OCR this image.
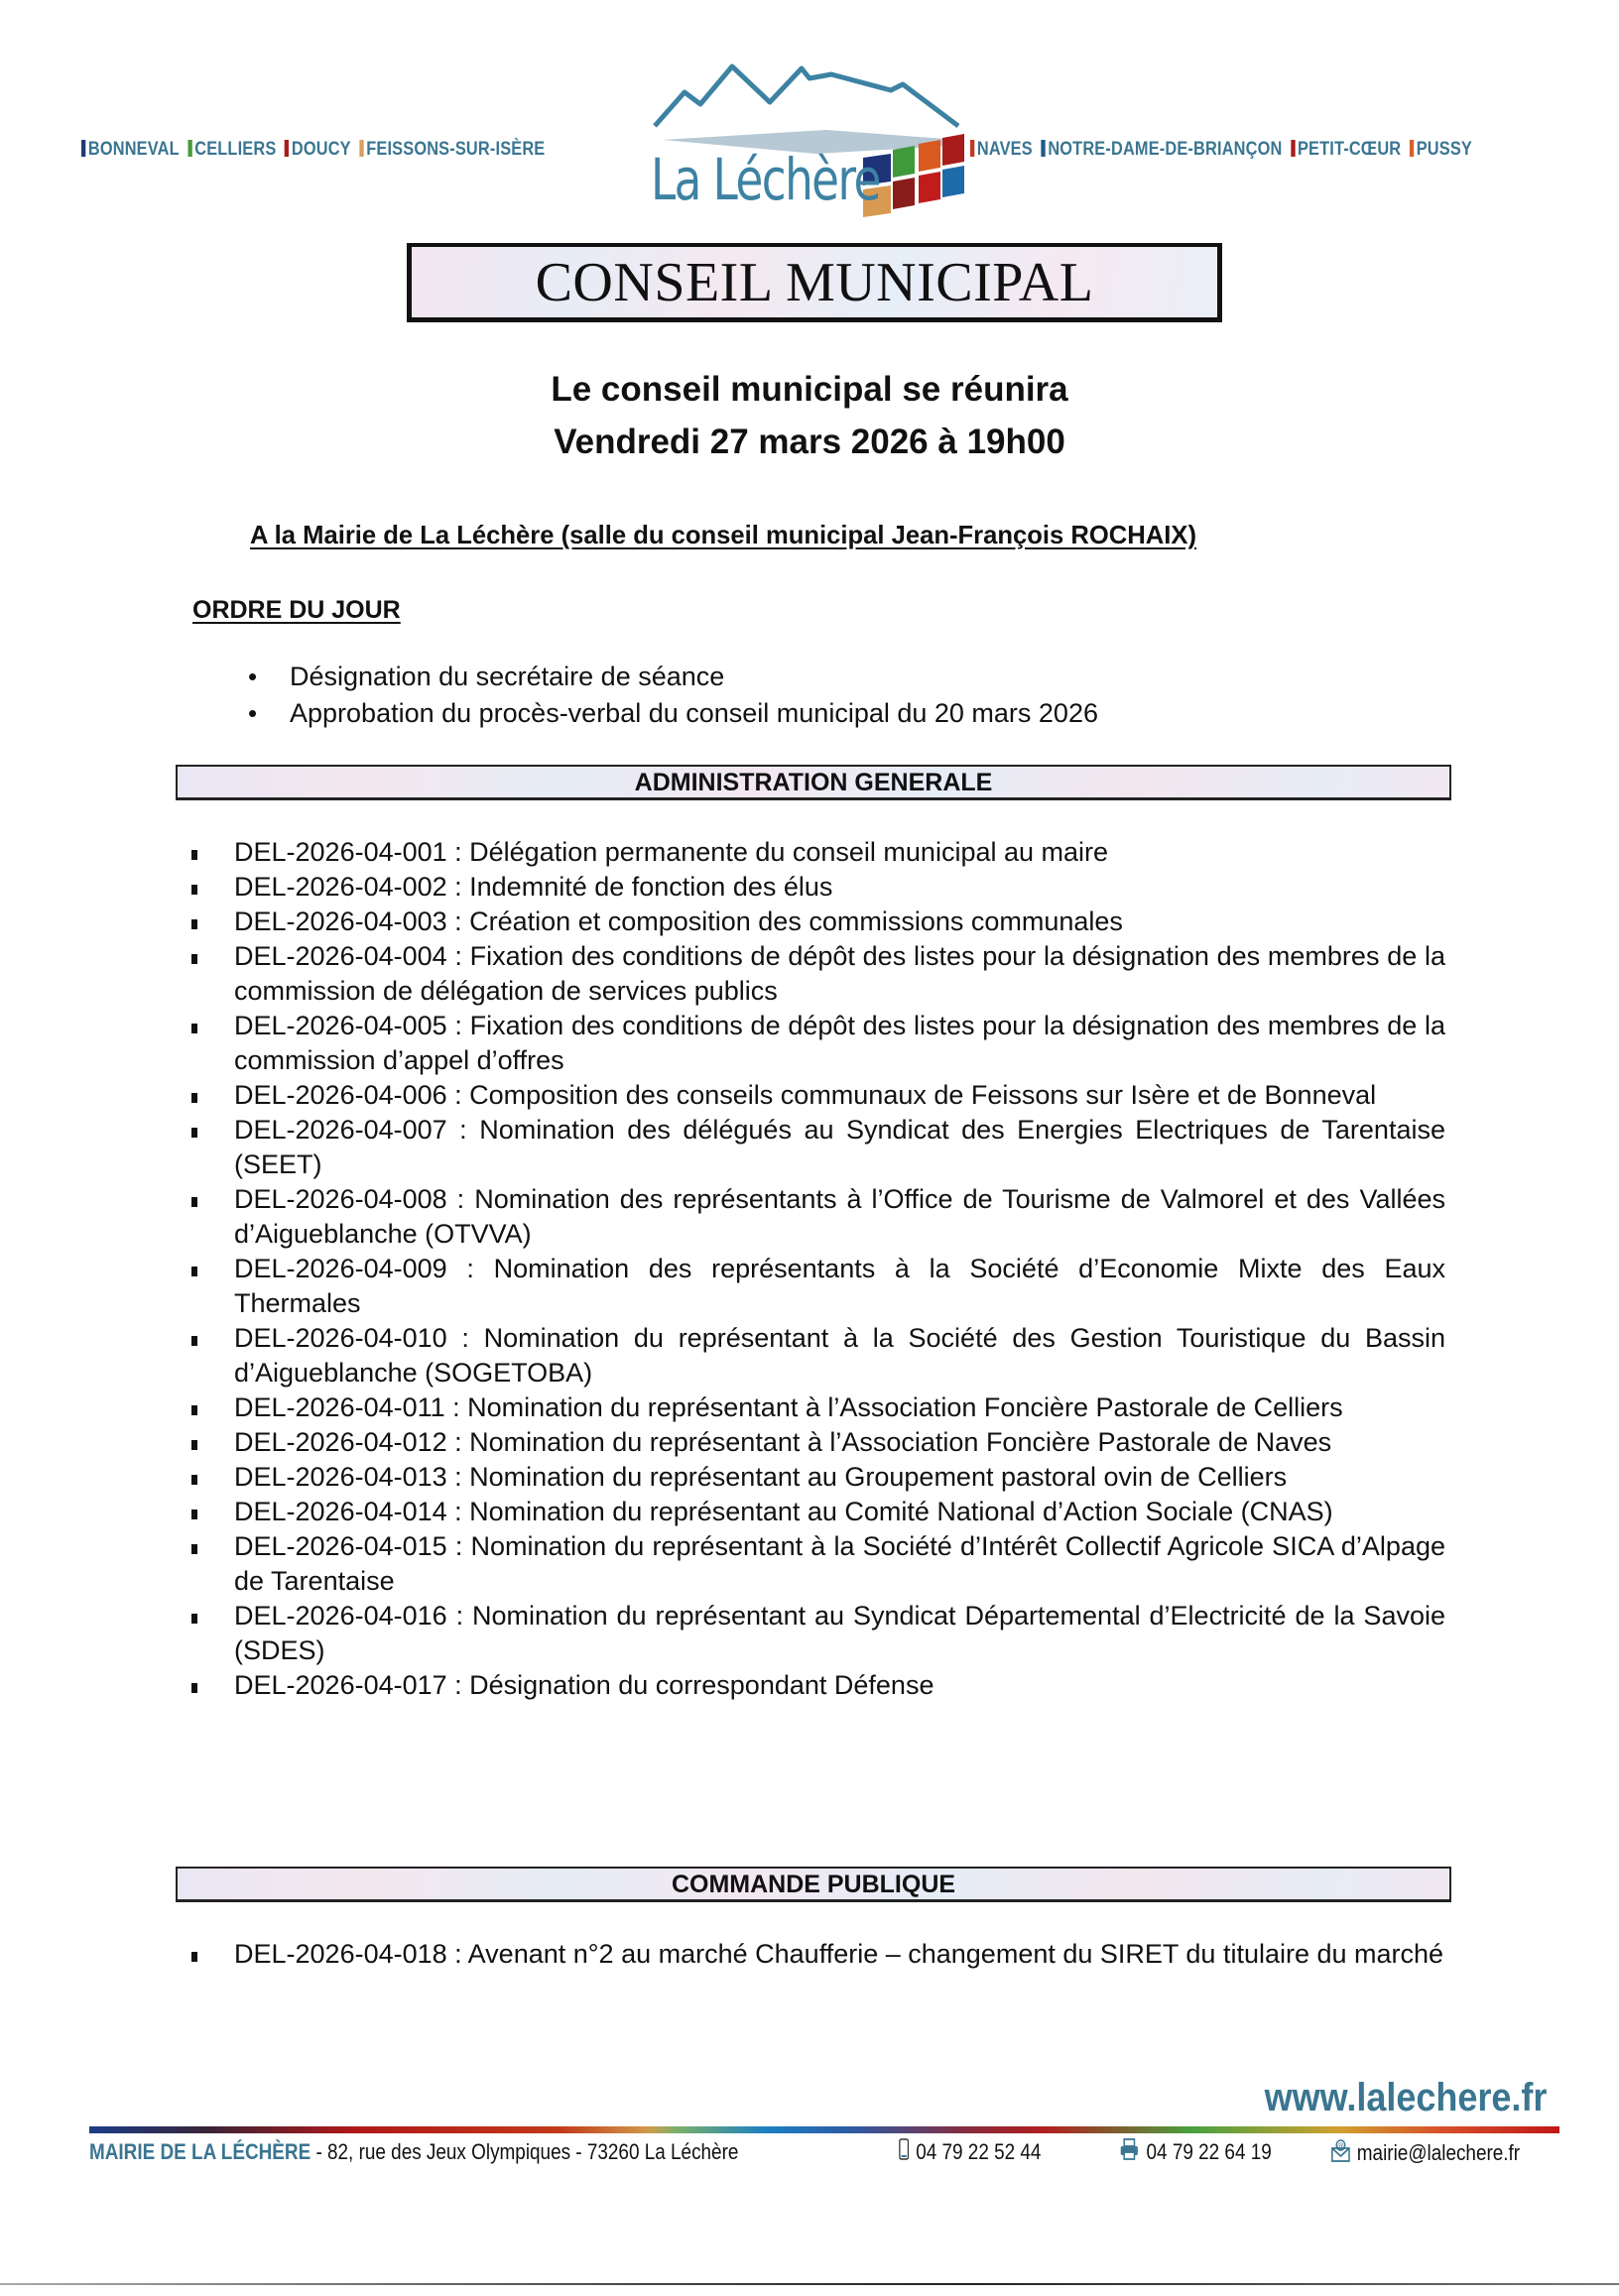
BONNEVAL CELLIERS DOUCY FEISSONS-SUR-ISÈRE	NAVES NOTRE-DAME-DE-BRIANÇON PETIT-CŒUR PUSSY
La Léchère
CONSEIL MUNICIPAL
Le conseil municipal se réunira
Vendredi 27 mars 2026 à 19h00
A la Mairie de La Léchère (salle du conseil municipal Jean-François ROCHAIX)
ORDRE DU JOUR
• Désignation du secrétaire de séance
• Approbation du procès-verbal du conseil municipal du 20 mars 2026
ADMINISTRATION GENERALE
DEL-2026-04-001 : Délégation permanente du conseil municipal au maire
DEL-2026-04-002 : Indemnité de fonction des élus
DEL-2026-04-003 : Création et composition des commissions communales
DEL-2026-04-004 : Fixation des conditions de dépôt des listes pour la désignation des membres de la commission de délégation de services publics
DEL-2026-04-005 : Fixation des conditions de dépôt des listes pour la désignation des membres de la commission d’appel d’offres
DEL-2026-04-006 : Composition des conseils communaux de Feissons sur Isère et de Bonneval
DEL-2026-04-007 : Nomination des délégués au Syndicat des Energies Electriques de Tarentaise (SEET)
DEL-2026-04-008 : Nomination des représentants à l’Office de Tourisme de Valmorel et des Vallées d’Aigueblanche (OTVVA)
DEL-2026-04-009 : Nomination des représentants à la Société d’Economie Mixte des Eaux Thermales
DEL-2026-04-010 : Nomination du représentant à la Société des Gestion Touristique du Bassin d’Aigueblanche (SOGETOBA)
DEL-2026-04-011 : Nomination du représentant à l’Association Foncière Pastorale de Celliers
DEL-2026-04-012 : Nomination du représentant à l’Association Foncière Pastorale de Naves
DEL-2026-04-013 : Nomination du représentant au Groupement pastoral ovin de Celliers
DEL-2026-04-014 : Nomination du représentant au Comité National d’Action Sociale (CNAS)
DEL-2026-04-015 : Nomination du représentant à la Société d’Intérêt Collectif Agricole SICA d’Alpage de Tarentaise
DEL-2026-04-016 : Nomination du représentant au Syndicat Départemental d’Electricité de la Savoie (SDES)
DEL-2026-04-017 : Désignation du correspondant Défense
COMMANDE PUBLIQUE
DEL-2026-04-018 : Avenant n°2 au marché Chaufferie – changement du SIRET du titulaire du marché
www.lalechere.fr
MAIRIE DE LA LÉCHÈRE - 82, rue des Jeux Olympiques - 73260 La Léchère	04 79 22 52 44	04 79 22 64 19	@ mairie@lalechere.fr
